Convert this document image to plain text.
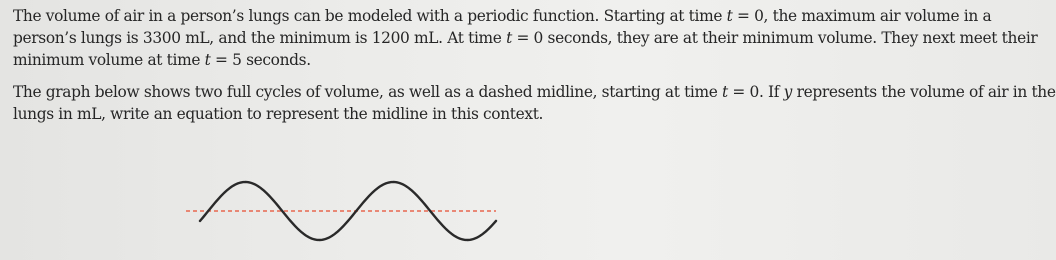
The volume of air in a person’s lungs can be modeled with a periodic function. Starting at time t = 0, the maximum air volume in a
person’s lungs is 3300 mL, and the minimum is 1200 mL. At time t = 0 seconds, they are at their minimum volume. They next meet their
minimum volume at time t = 5 seconds.

The graph below shows two full cycles of volume, as well as a dashed midline, starting at time t = 0. If y represents the volume of air in the
lungs in mL, write an equation to represent the midline in this context.
